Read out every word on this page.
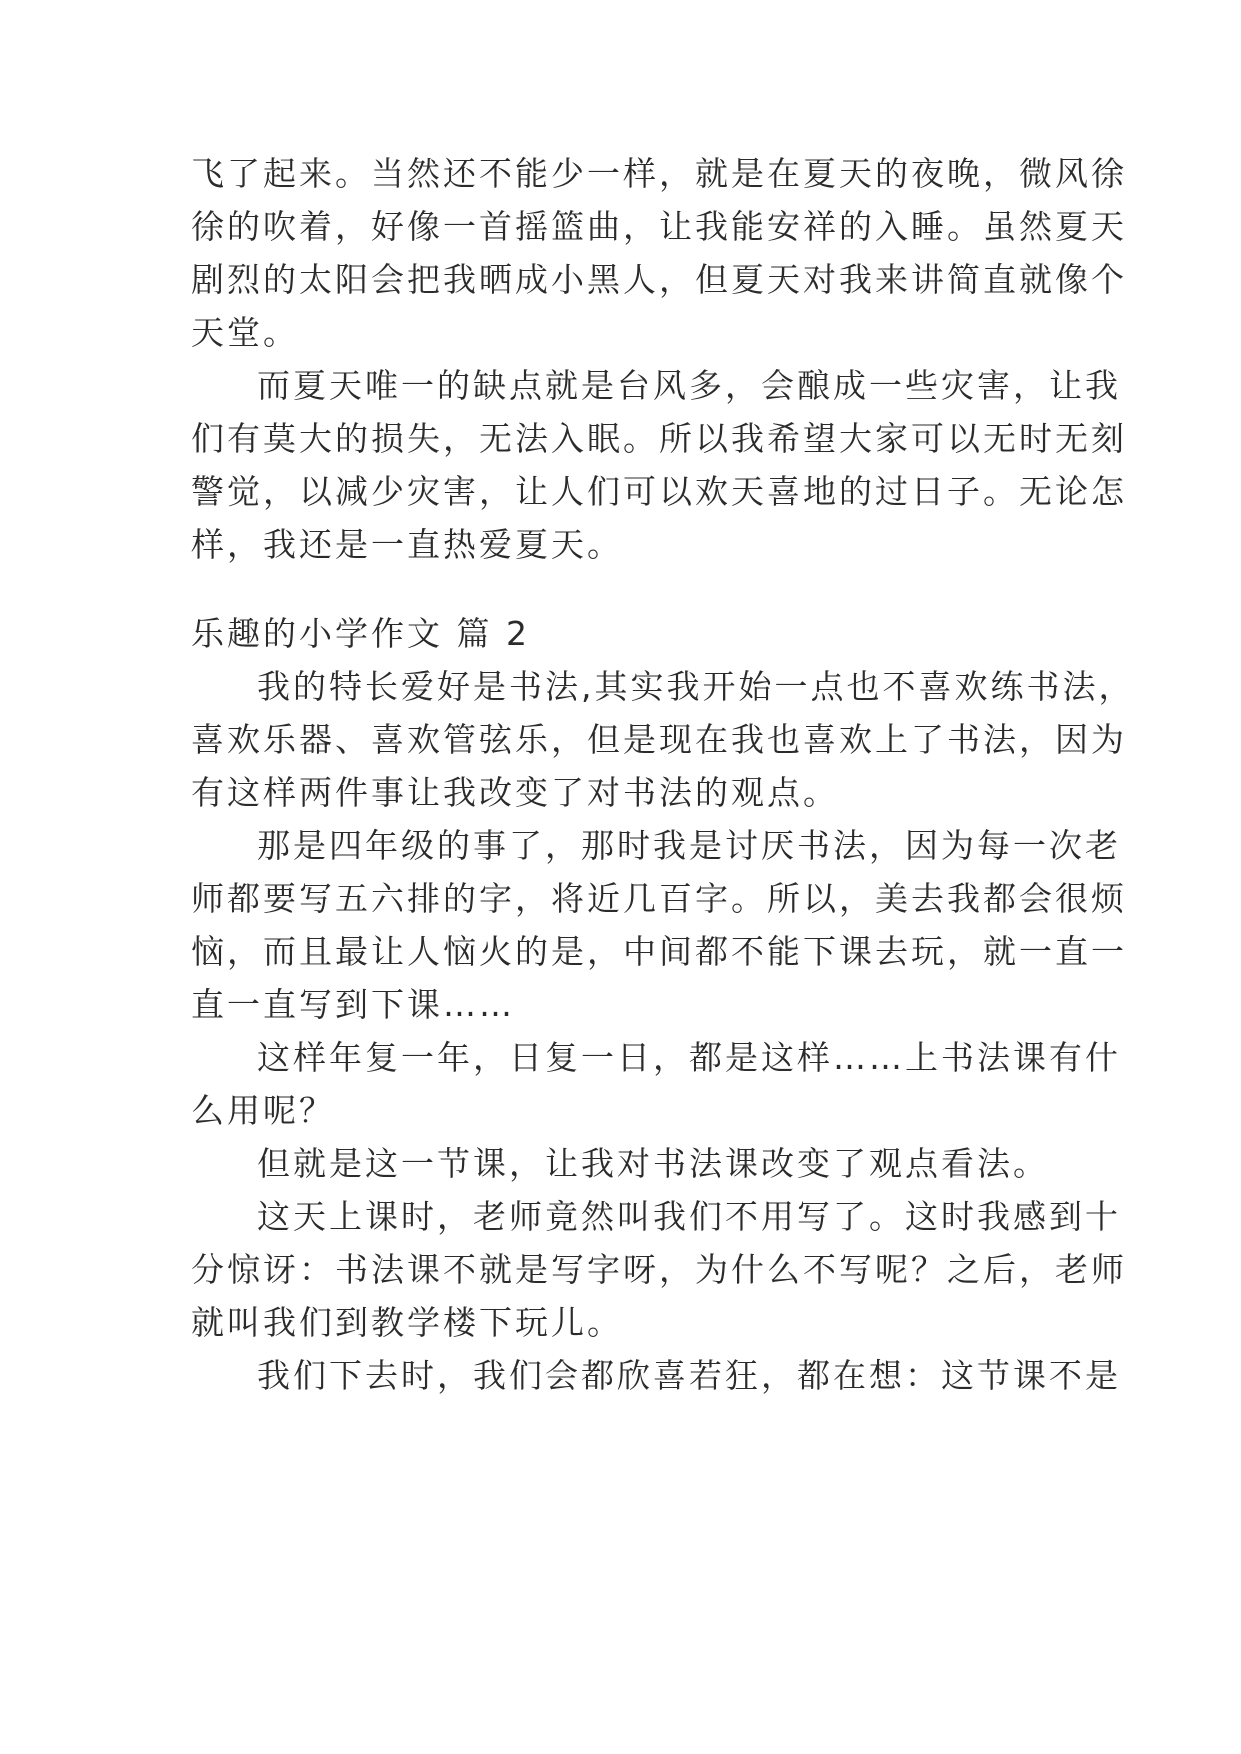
飞了起来。当然还不能少一样，就是在夏天的夜晚，微风徐
徐的吹着，好像一首摇篮曲，让我能安祥的入睡。虽然夏天
剧烈的太阳会把我晒成小黑人，但夏天对我来讲简直就像个
天堂。
而夏天唯一的缺点就是台风多，会酿成一些灾害，让我
们有莫大的损失，无法入眠。所以我希望大家可以无时无刻
警觉，以减少灾害，让人们可以欢天喜地的过日子。无论怎
样，我还是一直热爱夏天。
乐趣的小学作文 篇 2
我的特长爱好是书法,其实我开始一点也不喜欢练书法，
喜欢乐器、喜欢管弦乐，但是现在我也喜欢上了书法，因为
有这样两件事让我改变了对书法的观点。
那是四年级的事了，那时我是讨厌书法，因为每一次老
师都要写五六排的字，将近几百字。所以，美去我都会很烦
恼，而且最让人恼火的是，中间都不能下课去玩，就一直一
直一直写到下课……
这样年复一年，日复一日，都是这样……上书法课有什
么用呢？
但就是这一节课，让我对书法课改变了观点看法。
这天上课时，老师竟然叫我们不用写了。这时我感到十
分惊讶：书法课不就是写字呀，为什么不写呢？之后，老师
就叫我们到教学楼下玩儿。
我们下去时，我们会都欣喜若狂，都在想：这节课不是
